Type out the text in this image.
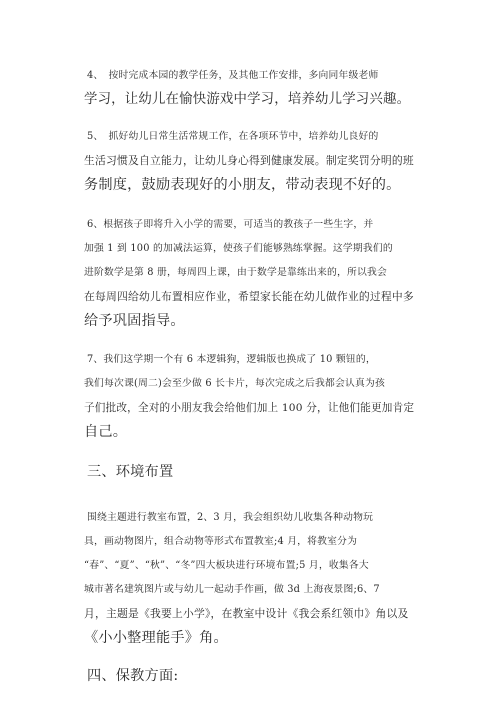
4、　按时完成本园的教学任务，及其他工作安排，多向同年级老师
学习，让幼儿在愉快游戏中学习，培养幼儿学习兴趣。

5、　抓好幼儿日常生活常规工作，在各项环节中，培养幼儿良好的
生活习惯及自立能力，让幼儿身心得到健康发展。制定奖罚分明的班
务制度，鼓励表现好的小朋友，带动表现不好的。

6、根据孩子即将升入小学的需要，可适当的教孩子一些生字，并
加强 1 到 100 的加减法运算，使孩子们能够熟练掌握。这学期我们的
进阶数学是第 8 册，每周四上课，由于数学是靠练出来的，所以我会
在每周四给幼儿布置相应作业，希望家长能在幼儿做作业的过程中多
给予巩固指导。

7、我们这学期一个有 6 本逻辑狗，逻辑版也换成了 10 颗钮的，
我们每次课(周二)会至少做 6 长卡片，每次完成之后我都会认真为孩
子们批改，全对的小朋友我会给他们加上 100 分，让他们能更加肯定
自己。

三、环境布置

围绕主题进行教室布置，2、3 月，我会组织幼儿收集各种动物玩
具，画动物图片，组合动物等形式布置教室;4 月，将教室分为
“春”、“夏”、“秋”、“冬”四大板块进行环境布置;5 月，收集各大
城市著名建筑图片或与幼儿一起动手作画，做 3d 上海夜景图;6、7
月，主题是《我要上小学》，在教室中设计《我会系红领巾》角以及
《小小整理能手》角。

四、保教方面:
